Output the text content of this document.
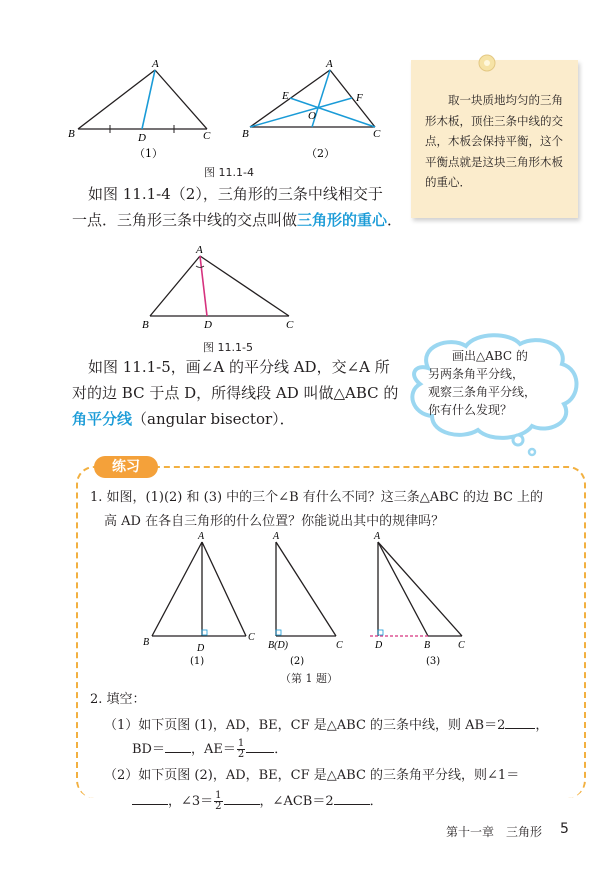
A
B	D	C
（1）
A
E	F
O
B	C
（2）
图 11.1-4
如图 11.1-4（2），三角形的三条中线相交于
一点．三角形三条中线的交点叫做三角形的重心．
取一块质地均匀的三角形木板，顶住三条中线的交点，木板会保持平衡，这个平衡点就是这块三角形木板的重心．
A
B	D	C
图 11.1-5
如图 11.1-5，画∠A 的平分线 AD，交∠A 所
对的边 BC 于点 D，所得线段 AD 叫做△ABC 的
角平分线（angular bisector）．
画出△ABC 的
另两条角平分线，
观察三条角平分线，
你有什么发现？
练习
1. 如图，(1)(2) 和 (3) 中的三个∠B 有什么不同？这三条△ABC 的边 BC 上的
高 AD 在各自三角形的什么位置？你能说出其中的规律吗？
A
B
D
C
(1)
A
B(D)	C
(2)
A
D	B	C
(3)
（第 1 题）
2. 填空：
（1）如下页图 (1)，AD，BE，CF 是△ABC 的三条中线，则 AB＝2 ，
BD＝ ，$AE= \frac{1}{2}$ ．
（2）如下页图 (2)，AD，BE，CF 是△ABC 的三条角平分线，则∠1＝
，∠3＝ $\frac{1}{2}$	，∠ACB＝2	．
第十一章　三角形 5
